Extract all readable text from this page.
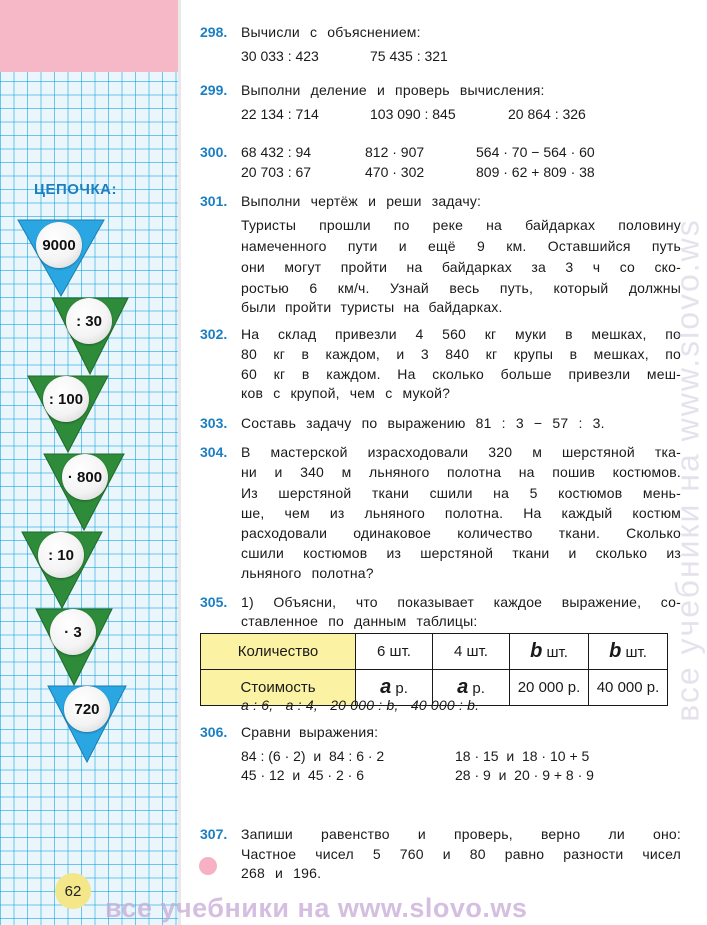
ЦЕПОЧКА:
9000
: 30
: 100
· 800
: 10
· 3
720
62
298. Вычисли с объяснением:
30 033 : 423	75 435 : 321
299. Выполни деление и проверь вычисления:
22 134 : 714	103 090 : 845	20 864 : 326
300. 68 432 : 94	812 · 907	564 · 70 − 564 · 60
20 703 : 67	470 · 302	809 · 62 + 809 · 38
301. Выполни чертёж и реши задачу:
Туристы прошли по реке на байдарках половину
намеченного пути и ещё 9 км. Оставшийся путь
они могут пройти на байдарках за 3 ч со ско-
ростью 6 км/ч. Узнай весь путь, который должны
были пройти туристы на байдарках.
302. На склад привезли 4 560 кг муки в мешках, по
80 кг в каждом, и 3 840 кг крупы в мешках, по
60 кг в каждом. На сколько больше привезли меш-
ков с крупой, чем с мукой?
303. Составь задачу по выражению 81 : 3 − 57 : 3.
304. В мастерской израсходовали 320 м шерстяной тка-
ни и 340 м льняного полотна на пошив костюмов.
Из шерстяной ткани сшили на 5 костюмов мень-
ше, чем из льняного полотна. На каждый костюм
расходовали одинаковое количество ткани. Сколько
сшили костюмов из шерстяной ткани и сколько из
льняного полотна?
305. 1) Объясни, что показывает каждое выражение, со-
ставленное по данным таблицы:
Количество	6 шт.	4 шт.	b шт.	b шт.
Стоимость	a р.	a р.	20 000 р.	40 000 р.
a : 6,   a : 4,   20 000 : b,   40 000 : b.
306. Сравни выражения:
84 : (6 · 2)  и  84 : 6 · 2	18 · 15  и  18 · 10 + 5
45 · 12  и  45 · 2 · 6	28 · 9  и  20 · 9 + 8 · 9
307. Запиши равенство и проверь, верно ли оно:
Частное чисел 5 760 и 80 равно разности чисел
268 и 196.
все учебники на www.slovo.ws
все учебники на www.slovo.ws
